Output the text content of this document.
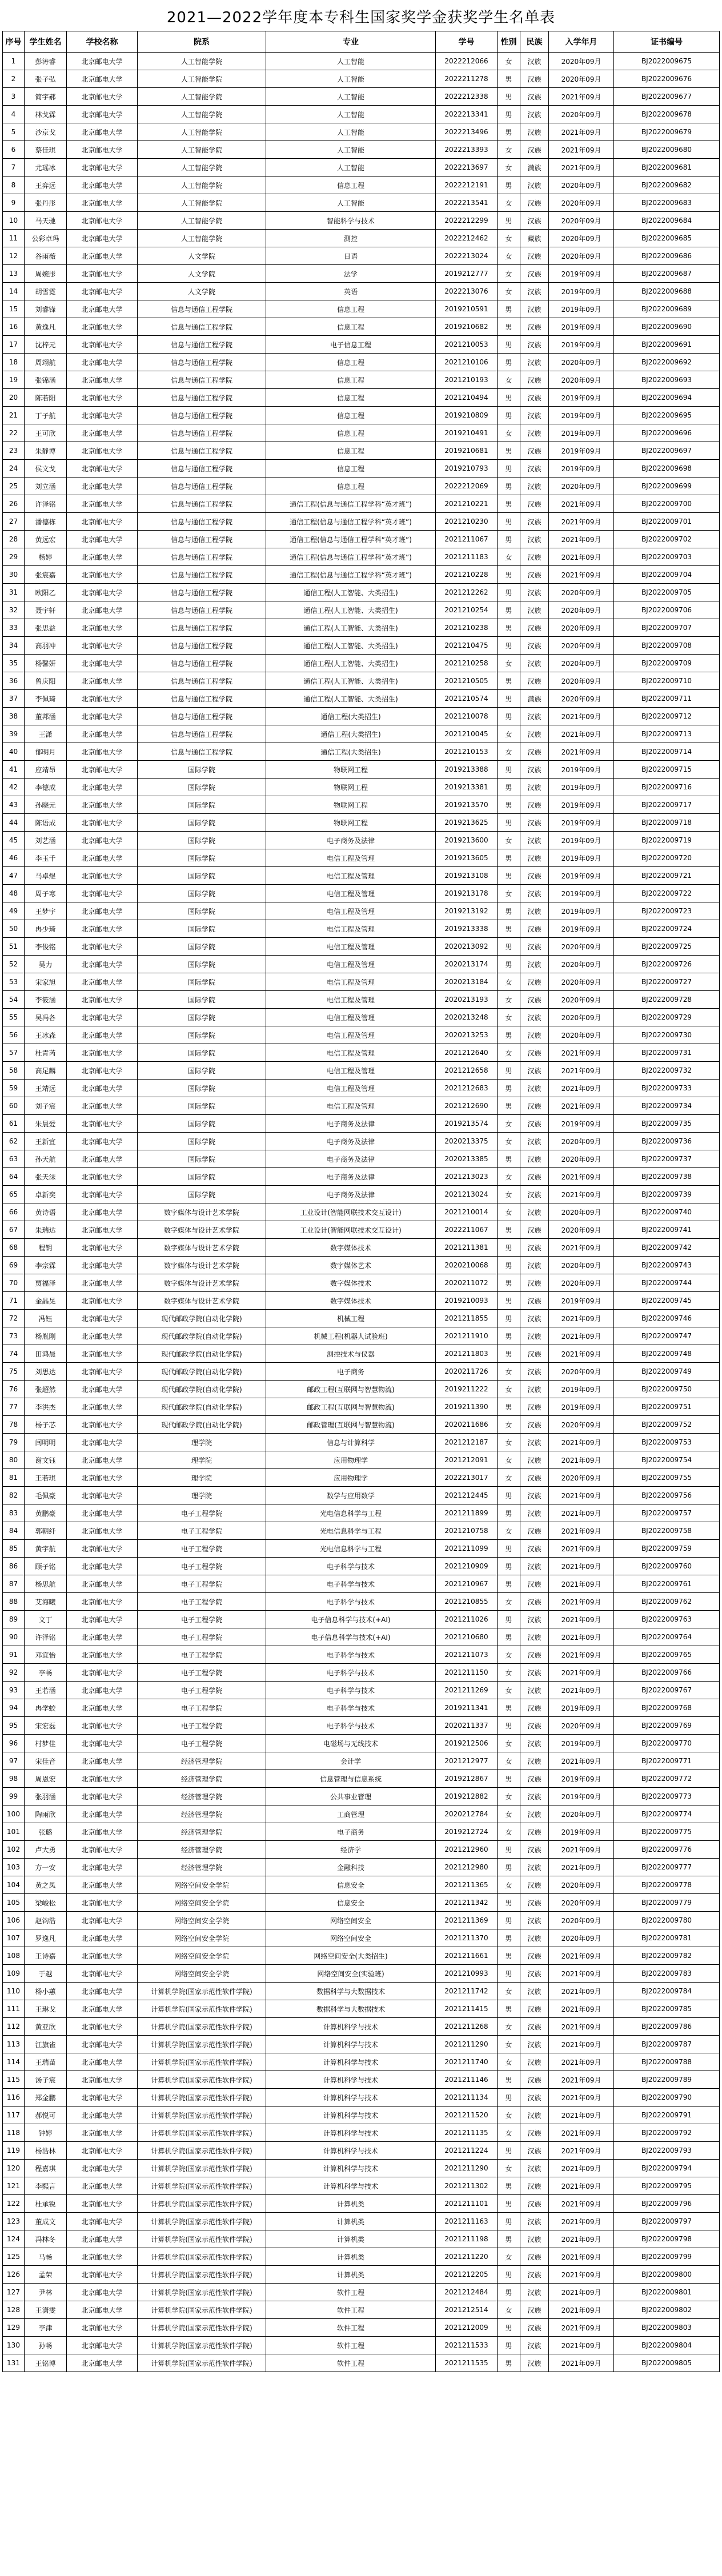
2021—2022学年度本专科生国家奖学金获奖学生名单表
序号	学生姓名	学校名称	院系	专业	学号	性别	民族	入学年月	证书编号
1	彭涛睿	北京邮电大学	人工智能学院	人工智能	2022212066	女	汉族	2020年09月	BJ2022009675
2	张子弘	北京邮电大学	人工智能学院	人工智能	2022211278	男	汉族	2020年09月	BJ2022009676
3	简宇郝	北京邮电大学	人工智能学院	人工智能	2022212338	男	汉族	2021年09月	BJ2022009677
4	林戈霖	北京邮电大学	人工智能学院	人工智能	2022213341	男	汉族	2020年09月	BJ2022009678
5	沙京戈	北京邮电大学	人工智能学院	人工智能	2022213496	男	汉族	2021年09月	BJ2022009679
6	蔡佳琪	北京邮电大学	人工智能学院	人工智能	2022213393	女	汉族	2021年09月	BJ2022009680
7	尤瑶冰	北京邮电大学	人工智能学院	人工智能	2022213697	女	满族	2021年09月	BJ2022009681
8	王弈远	北京邮电大学	人工智能学院	信息工程	2022212191	男	汉族	2020年09月	BJ2022009682
9	张丹彤	北京邮电大学	人工智能学院	人工智能	2022213541	女	汉族	2020年09月	BJ2022009683
10	马天驰	北京邮电大学	人工智能学院	智能科学与技术	2022212299	男	汉族	2020年09月	BJ2022009684
11	公彩卓玛	北京邮电大学	人工智能学院	测控	2022212462	女	藏族	2020年09月	BJ2022009685
12	谷雨薇	北京邮电大学	人文学院	日语	2022213024	女	汉族	2020年09月	BJ2022009686
13	周婉彤	北京邮电大学	人文学院	法学	2019212777	女	汉族	2019年09月	BJ2022009687
14	胡雪霓	北京邮电大学	人文学院	英语	2022213076	女	汉族	2019年09月	BJ2022009688
15	刘睿锋	北京邮电大学	信息与通信工程学院	信息工程	2019210591	男	汉族	2019年09月	BJ2022009689
16	黄逸凡	北京邮电大学	信息与通信工程学院	信息工程	2019210682	男	汉族	2019年09月	BJ2022009690
17	沈梓元	北京邮电大学	信息与通信工程学院	电子信息工程	2021210053	男	汉族	2019年09月	BJ2022009691
18	周翊航	北京邮电大学	信息与通信工程学院	信息工程	2021210106	男	汉族	2020年09月	BJ2022009692
19	张锦涵	北京邮电大学	信息与通信工程学院	信息工程	2021210193	女	汉族	2020年09月	BJ2022009693
20	陈若阳	北京邮电大学	信息与通信工程学院	信息工程	2021210494	男	汉族	2019年09月	BJ2022009694
21	丁子航	北京邮电大学	信息与通信工程学院	信息工程	2019210809	男	汉族	2019年09月	BJ2022009695
22	王可欣	北京邮电大学	信息与通信工程学院	信息工程	2019210491	女	汉族	2019年09月	BJ2022009696
23	朱静博	北京邮电大学	信息与通信工程学院	信息工程	2019210681	男	汉族	2019年09月	BJ2022009697
24	侯文戈	北京邮电大学	信息与通信工程学院	信息工程	2019210793	男	汉族	2019年09月	BJ2022009698
25	刘立涵	北京邮电大学	信息与通信工程学院	信息工程	2022212069	男	汉族	2020年09月	BJ2022009699
26	许泽铭	北京邮电大学	信息与通信工程学院	通信工程(信息与通信工程学科“英才班”)	2021210221	男	汉族	2021年09月	BJ2022009700
27	潘德栋	北京邮电大学	信息与通信工程学院	通信工程(信息与通信工程学科“英才班”)	2021210230	男	汉族	2021年09月	BJ2022009701
28	黄远宏	北京邮电大学	信息与通信工程学院	通信工程(信息与通信工程学科“英才班”)	2021211067	男	汉族	2021年09月	BJ2022009702
29	杨婷	北京邮电大学	信息与通信工程学院	通信工程(信息与通信工程学科“英才班”)	2021211183	女	汉族	2021年09月	BJ2022009703
30	张宸嘉	北京邮电大学	信息与通信工程学院	通信工程(信息与通信工程学科“英才班”)	2021210228	男	汉族	2021年09月	BJ2022009704
31	欧阳乙	北京邮电大学	信息与通信工程学院	通信工程(人工智能、大类招生)	2021212262	男	汉族	2020年09月	BJ2022009705
32	聂宇轩	北京邮电大学	信息与通信工程学院	通信工程(人工智能、大类招生)	2021210254	男	汉族	2020年09月	BJ2022009706
33	张思益	北京邮电大学	信息与通信工程学院	通信工程(人工智能、大类招生)	2021210238	男	汉族	2020年09月	BJ2022009707
34	高羽冲	北京邮电大学	信息与通信工程学院	通信工程(人工智能、大类招生)	2021210475	男	汉族	2020年09月	BJ2022009708
35	杨馨妍	北京邮电大学	信息与通信工程学院	通信工程(人工智能、大类招生)	2021210258	女	汉族	2020年09月	BJ2022009709
36	曾庆阳	北京邮电大学	信息与通信工程学院	通信工程(人工智能、大类招生)	2021210505	男	汉族	2020年09月	BJ2022009710
37	李佩琦	北京邮电大学	信息与通信工程学院	通信工程(人工智能、大类招生)	2021210574	男	满族	2020年09月	BJ2022009711
38	董邦涵	北京邮电大学	信息与通信工程学院	通信工程(大类招生)	2021210078	男	汉族	2021年09月	BJ2022009712
39	王潇	北京邮电大学	信息与通信工程学院	通信工程(大类招生)	2021210045	女	汉族	2021年09月	BJ2022009713
40	郁明月	北京邮电大学	信息与通信工程学院	通信工程(大类招生)	2021210153	女	汉族	2021年09月	BJ2022009714
41	应靖昂	北京邮电大学	国际学院	物联网工程	2019213388	男	汉族	2019年09月	BJ2022009715
42	李德成	北京邮电大学	国际学院	物联网工程	2019213381	男	汉族	2019年09月	BJ2022009716
43	孙晓元	北京邮电大学	国际学院	物联网工程	2019213570	男	汉族	2019年09月	BJ2022009717
44	陈语成	北京邮电大学	国际学院	物联网工程	2019213625	男	汉族	2019年09月	BJ2022009718
45	刘艺涵	北京邮电大学	国际学院	电子商务及法律	2019213600	女	汉族	2019年09月	BJ2022009719
46	李玉千	北京邮电大学	国际学院	电信工程及管理	2019213605	男	汉族	2019年09月	BJ2022009720
47	马卓煜	北京邮电大学	国际学院	电信工程及管理	2019213108	男	汉族	2019年09月	BJ2022009721
48	周子寒	北京邮电大学	国际学院	电信工程及管理	2019213178	女	汉族	2019年09月	BJ2022009722
49	王梦宇	北京邮电大学	国际学院	电信工程及管理	2019213192	男	汉族	2019年09月	BJ2022009723
50	冉少琦	北京邮电大学	国际学院	电信工程及管理	2019213338	男	汉族	2019年09月	BJ2022009724
51	李俊铭	北京邮电大学	国际学院	电信工程及管理	2020213092	男	汉族	2020年09月	BJ2022009725
52	吴力	北京邮电大学	国际学院	电信工程及管理	2020213174	男	汉族	2020年09月	BJ2022009726
53	宋家旭	北京邮电大学	国际学院	电信工程及管理	2020213184	女	汉族	2020年09月	BJ2022009727
54	李筱涵	北京邮电大学	国际学院	电信工程及管理	2020213193	女	汉族	2020年09月	BJ2022009728
55	吴冯各	北京邮电大学	国际学院	电信工程及管理	2020213248	女	汉族	2020年09月	BJ2022009729
56	王冰森	北京邮电大学	国际学院	电信工程及管理	2020213253	男	汉族	2020年09月	BJ2022009730
57	杜青芮	北京邮电大学	国际学院	电信工程及管理	2021212640	女	汉族	2021年09月	BJ2022009731
58	高足麟	北京邮电大学	国际学院	电信工程及管理	2021212658	男	汉族	2021年09月	BJ2022009732
59	王靖远	北京邮电大学	国际学院	电信工程及管理	2021212683	男	汉族	2021年09月	BJ2022009733
60	刘子宸	北京邮电大学	国际学院	电信工程及管理	2021212690	男	汉族	2021年09月	BJ2022009734
61	朱晨爱	北京邮电大学	国际学院	电子商务及法律	2019213574	女	汉族	2019年09月	BJ2022009735
62	王新宜	北京邮电大学	国际学院	电子商务及法律	2020213375	女	汉族	2020年09月	BJ2022009736
63	孙天航	北京邮电大学	国际学院	电子商务及法律	2020213385	男	汉族	2020年09月	BJ2022009737
64	张天沫	北京邮电大学	国际学院	电子商务及法律	2021213023	女	汉族	2021年09月	BJ2022009738
65	卓新奕	北京邮电大学	国际学院	电子商务及法律	2021213024	女	汉族	2021年09月	BJ2022009739
66	黄诗语	北京邮电大学	数字媒体与设计艺术学院	工业设计(智能网联技术交互设计)	2021210014	女	汉族	2020年09月	BJ2022009740
67	朱瑞达	北京邮电大学	数字媒体与设计艺术学院	工业设计(智能网联技术交互设计)	2022211067	男	汉族	2020年09月	BJ2022009741
68	程钥	北京邮电大学	数字媒体与设计艺术学院	数字媒体技术	2021211381	男	汉族	2021年09月	BJ2022009742
69	李宗霖	北京邮电大学	数字媒体与设计艺术学院	数字媒体艺术	2020210068	男	汉族	2020年09月	BJ2022009743
70	贾福泽	北京邮电大学	数字媒体与设计艺术学院	数字媒体技术	2020211072	男	汉族	2020年09月	BJ2022009744
71	金晶晃	北京邮电大学	数字媒体与设计艺术学院	数字媒体技术	2019210093	男	汉族	2019年09月	BJ2022009745
72	冯钰	北京邮电大学	现代邮政学院(自动化学院)	机械工程	2021211855	男	汉族	2021年09月	BJ2022009746
73	杨胤刚	北京邮电大学	现代邮政学院(自动化学院)	机械工程(机器人试验班)	2021211910	男	汉族	2021年09月	BJ2022009747
74	田鸿晨	北京邮电大学	现代邮政学院(自动化学院)	测控技术与仪器	2021211803	男	汉族	2021年09月	BJ2022009748
75	刘思达	北京邮电大学	现代邮政学院(自动化学院)	电子商务	2020211726	女	汉族	2020年09月	BJ2022009749
76	张超然	北京邮电大学	现代邮政学院(自动化学院)	邮政工程(互联网与智慧物流)	2019211222	女	汉族	2019年09月	BJ2022009750
77	李洪杰	北京邮电大学	现代邮政学院(自动化学院)	邮政工程(互联网与智慧物流)	2019211390	男	汉族	2019年09月	BJ2022009751
78	杨子芯	北京邮电大学	现代邮政学院(自动化学院)	邮政管理(互联网与智慧物流)	2020211686	女	汉族	2020年09月	BJ2022009752
79	闫明明	北京邮电大学	理学院	信息与计算科学	2021212187	女	汉族	2021年09月	BJ2022009753
80	谢文钰	北京邮电大学	理学院	应用物理学	2021212091	女	汉族	2021年09月	BJ2022009754
81	王若琪	北京邮电大学	理学院	应用物理学	2022213017	女	汉族	2020年09月	BJ2022009755
82	毛佩豪	北京邮电大学	理学院	数学与应用数学	2021212445	男	汉族	2021年09月	BJ2022009756
83	黄鹏豪	北京邮电大学	电子工程学院	光电信息科学与工程	2021211899	男	汉族	2021年09月	BJ2022009757
84	郭朝纤	北京邮电大学	电子工程学院	光电信息科学与工程	2021210758	女	汉族	2021年09月	BJ2022009758
85	黄宇航	北京邮电大学	电子工程学院	光电信息科学与工程	2021211099	男	汉族	2021年09月	BJ2022009759
86	顾子铭	北京邮电大学	电子工程学院	电子科学与技术	2021210909	男	汉族	2021年09月	BJ2022009760
87	杨思航	北京邮电大学	电子工程学院	电子科学与技术	2021210967	男	汉族	2021年09月	BJ2022009761
88	艾海曦	北京邮电大学	电子工程学院	电子科学与技术	2021210855	女	汉族	2021年09月	BJ2022009762
89	文丁	北京邮电大学	电子工程学院	电子信息科学与技术(+AI)	2021211026	男	汉族	2021年09月	BJ2022009763
90	许泽铭	北京邮电大学	电子工程学院	电子信息科学与技术(+AI)	2021210680	男	汉族	2021年09月	BJ2022009764
91	邓宜怡	北京邮电大学	电子工程学院	电子科学与技术	2021211073	女	汉族	2021年09月	BJ2022009765
92	李畅	北京邮电大学	电子工程学院	电子科学与技术	2021211150	女	汉族	2021年09月	BJ2022009766
93	王若涵	北京邮电大学	电子工程学院	电子科学与技术	2021211269	女	汉族	2021年09月	BJ2022009767
94	冉学蛟	北京邮电大学	电子工程学院	电子科学与技术	2019211341	男	汉族	2019年09月	BJ2022009768
95	宋宏磊	北京邮电大学	电子工程学院	电子科学与技术	2020211337	男	汉族	2020年09月	BJ2022009769
96	村梦佳	北京邮电大学	电子工程学院	电磁场与无线技术	2019212506	女	汉族	2019年09月	BJ2022009770
97	宋佳音	北京邮电大学	经济管理学院	会计学	2021212977	女	汉族	2021年09月	BJ2022009771
98	周恩宏	北京邮电大学	经济管理学院	信息管理与信息系统	2019212867	男	汉族	2019年09月	BJ2022009772
99	张羽涵	北京邮电大学	经济管理学院	公共事业管理	2019212882	女	汉族	2019年09月	BJ2022009773
100	陶雨欣	北京邮电大学	经济管理学院	工商管理	2020212784	女	汉族	2020年09月	BJ2022009774
101	张璐	北京邮电大学	经济管理学院	电子商务	2019212724	女	汉族	2019年09月	BJ2022009775
102	卢大勇	北京邮电大学	经济管理学院	经济学	2021212960	男	汉族	2021年09月	BJ2022009776
103	方一安	北京邮电大学	经济管理学院	金融科技	2021212980	男	汉族	2021年09月	BJ2022009777
104	黄之凤	北京邮电大学	网络空间安全学院	信息安全	2021211365	女	汉族	2020年09月	BJ2022009778
105	梁峻松	北京邮电大学	网络空间安全学院	信息安全	2021211342	男	汉族	2020年09月	BJ2022009779
106	赵钧浩	北京邮电大学	网络空间安全学院	网络空间安全	2021211369	男	汉族	2020年09月	BJ2022009780
107	罗逸凡	北京邮电大学	网络空间安全学院	网络空间安全	2021211370	男	汉族	2020年09月	BJ2022009781
108	王诗嘉	北京邮电大学	网络空间安全学院	网络空间安全(大类招生)	2021211661	男	汉族	2021年09月	BJ2022009782
109	于越	北京邮电大学	网络空间安全学院	网络空间安全(实验班)	2021210993	男	汉族	2021年09月	BJ2022009783
110	杨小蕙	北京邮电大学	计算机学院(国家示范性软件学院)	数据科学与大数据技术	2021211742	女	汉族	2021年09月	BJ2022009784
111	王琳戈	北京邮电大学	计算机学院(国家示范性软件学院)	数据科学与大数据技术	2021211415	男	汉族	2021年09月	BJ2022009785
112	黄亚欣	北京邮电大学	计算机学院(国家示范性软件学院)	计算机科学与技术	2021211268	女	汉族	2021年09月	BJ2022009786
113	江旗雀	北京邮电大学	计算机学院(国家示范性软件学院)	计算机科学与技术	2021211290	女	汉族	2021年09月	BJ2022009787
114	王瑞苗	北京邮电大学	计算机学院(国家示范性软件学院)	计算机科学与技术	2021211740	女	汉族	2021年09月	BJ2022009788
115	汤子宸	北京邮电大学	计算机学院(国家示范性软件学院)	计算机科学与技术	2021211146	男	汉族	2021年09月	BJ2022009789
116	郑金鹏	北京邮电大学	计算机学院(国家示范性软件学院)	计算机科学与技术	2021211134	男	汉族	2021年09月	BJ2022009790
117	郝悦可	北京邮电大学	计算机学院(国家示范性软件学院)	计算机科学与技术	2021211520	女	汉族	2021年09月	BJ2022009791
118	钟婷	北京邮电大学	计算机学院(国家示范性软件学院)	计算机科学与技术	2021211135	女	汉族	2021年09月	BJ2022009792
119	杨浩林	北京邮电大学	计算机学院(国家示范性软件学院)	计算机科学与技术	2021211224	男	汉族	2021年09月	BJ2022009793
120	程嘉琪	北京邮电大学	计算机学院(国家示范性软件学院)	计算机科学与技术	2021211290	女	汉族	2021年09月	BJ2022009794
121	李熙言	北京邮电大学	计算机学院(国家示范性软件学院)	计算机科学与技术	2021211302	男	汉族	2021年09月	BJ2022009795
122	杜承锐	北京邮电大学	计算机学院(国家示范性软件学院)	计算机类	2021211101	男	汉族	2021年09月	BJ2022009796
123	董成文	北京邮电大学	计算机学院(国家示范性软件学院)	计算机类	2021211163	男	汉族	2021年09月	BJ2022009797
124	冯林冬	北京邮电大学	计算机学院(国家示范性软件学院)	计算机类	2021211198	男	汉族	2021年09月	BJ2022009798
125	马畅	北京邮电大学	计算机学院(国家示范性软件学院)	计算机类	2021211220	女	汉族	2021年09月	BJ2022009799
126	孟荣	北京邮电大学	计算机学院(国家示范性软件学院)	计算机类	2021212205	男	汉族	2021年09月	BJ2022009800
127	尹林	北京邮电大学	计算机学院(国家示范性软件学院)	软件工程	2021212484	男	汉族	2021年09月	BJ2022009801
128	王潇雯	北京邮电大学	计算机学院(国家示范性软件学院)	软件工程	2021212514	女	汉族	2021年09月	BJ2022009802
129	李津	北京邮电大学	计算机学院(国家示范性软件学院)	软件工程	2021212009	男	汉族	2021年09月	BJ2022009803
130	孙畅	北京邮电大学	计算机学院(国家示范性软件学院)	软件工程	2021211533	男	汉族	2021年09月	BJ2022009804
131	王铭博	北京邮电大学	计算机学院(国家示范性软件学院)	软件工程	2021211535	男	汉族	2021年09月	BJ2022009805
